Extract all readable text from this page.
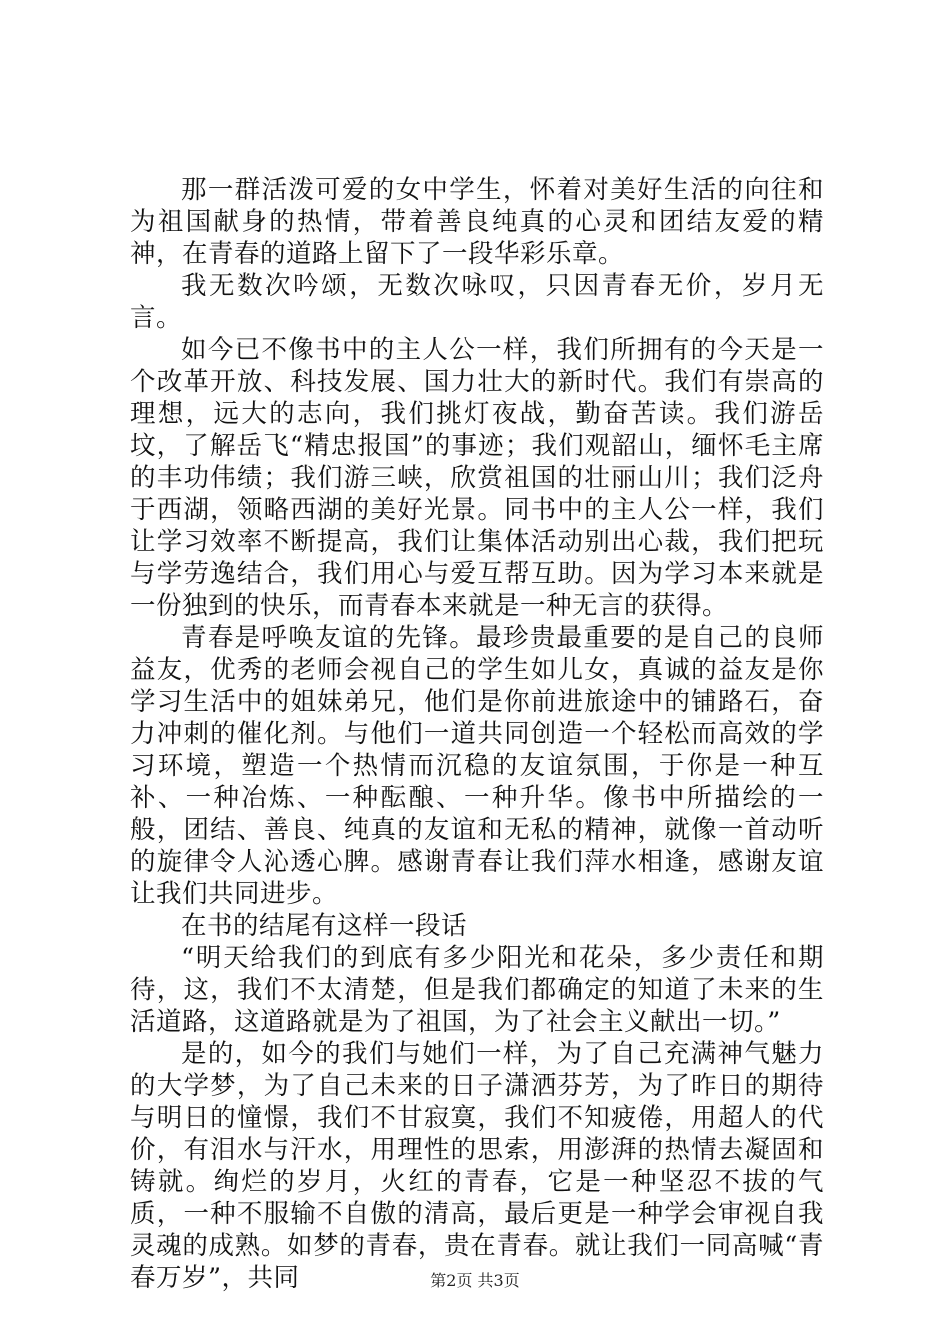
那一群活泼可爱的女中学生，怀着对美好生活的向往和为祖国献身的热情，带着善良纯真的心灵和团结友爱的精神，在青春的道路上留下了一段华彩乐章。

我无数次吟颂，无数次咏叹，只因青春无价，岁月无言。

如今已不像书中的主人公一样，我们所拥有的今天是一个改革开放、科技发展、国力壮大的新时代。我们有崇高的理想，远大的志向，我们挑灯夜战，勤奋苦读。我们游岳坟，了解岳飞“精忠报国”的事迹；我们观韶山，缅怀毛主席的丰功伟绩；我们游三峡，欣赏祖国的壮丽山川；我们泛舟于西湖，领略西湖的美好光景。同书中的主人公一样，我们让学习效率不断提高，我们让集体活动别出心裁，我们把玩与学劳逸结合，我们用心与爱互帮互助。因为学习本来就是一份独到的快乐，而青春本来就是一种无言的获得。

青春是呼唤友谊的先锋。最珍贵最重要的是自己的良师益友，优秀的老师会视自己的学生如儿女，真诚的益友是你学习生活中的姐妹弟兄，他们是你前进旅途中的铺路石，奋力冲刺的催化剂。与他们一道共同创造一个轻松而高效的学习环境，塑造一个热情而沉稳的友谊氛围，于你是一种互补、一种冶炼、一种酝酿、一种升华。像书中所描绘的一般，团结、善良、纯真的友谊和无私的精神，就像一首动听的旋律令人沁透心脾。感谢青春让我们萍水相逢，感谢友谊让我们共同进步。

在书的结尾有这样一段话

“明天给我们的到底有多少阳光和花朵，多少责任和期待，这，我们不太清楚，但是我们都确定的知道了未来的生活道路，这道路就是为了祖国，为了社会主义献出一切。”

是的，如今的我们与她们一样，为了自己充满神气魅力的大学梦，为了自己未来的日子潇洒芬芳，为了昨日的期待与明日的憧憬，我们不甘寂寞，我们不知疲倦，用超人的代价，有泪水与汗水，用理性的思索，用澎湃的热情去凝固和铸就。绚烂的岁月，火红的青春，它是一种坚忍不拔的气质，一种不服输不自傲的清高，最后更是一种学会审视自我灵魂的成熟。如梦的青春，贵在青春。就让我们一同高喊“青春万岁”，共同	第2页 共3页
